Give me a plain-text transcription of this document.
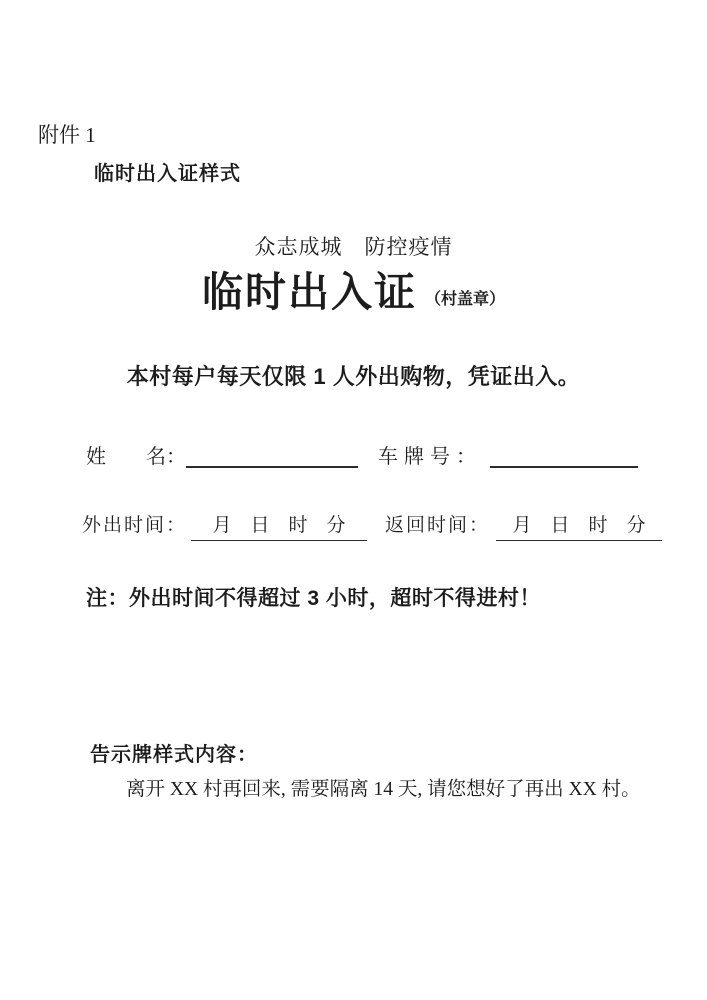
附件 1
临时出入证样式
众志成城　防控疫情
临时出入证 （村盖章）
本村每户每天仅限 1 人外出购物，凭证出入。
姓　　名：	车牌号：
外出时间： 月　日　时　分 返回时间： 月　日　时　分
注：外出时间不得超过 3 小时，超时不得进村！
告示牌样式内容：
离开 XX 村再回来, 需要隔离 14 天, 请您想好了再出 XX 村。
